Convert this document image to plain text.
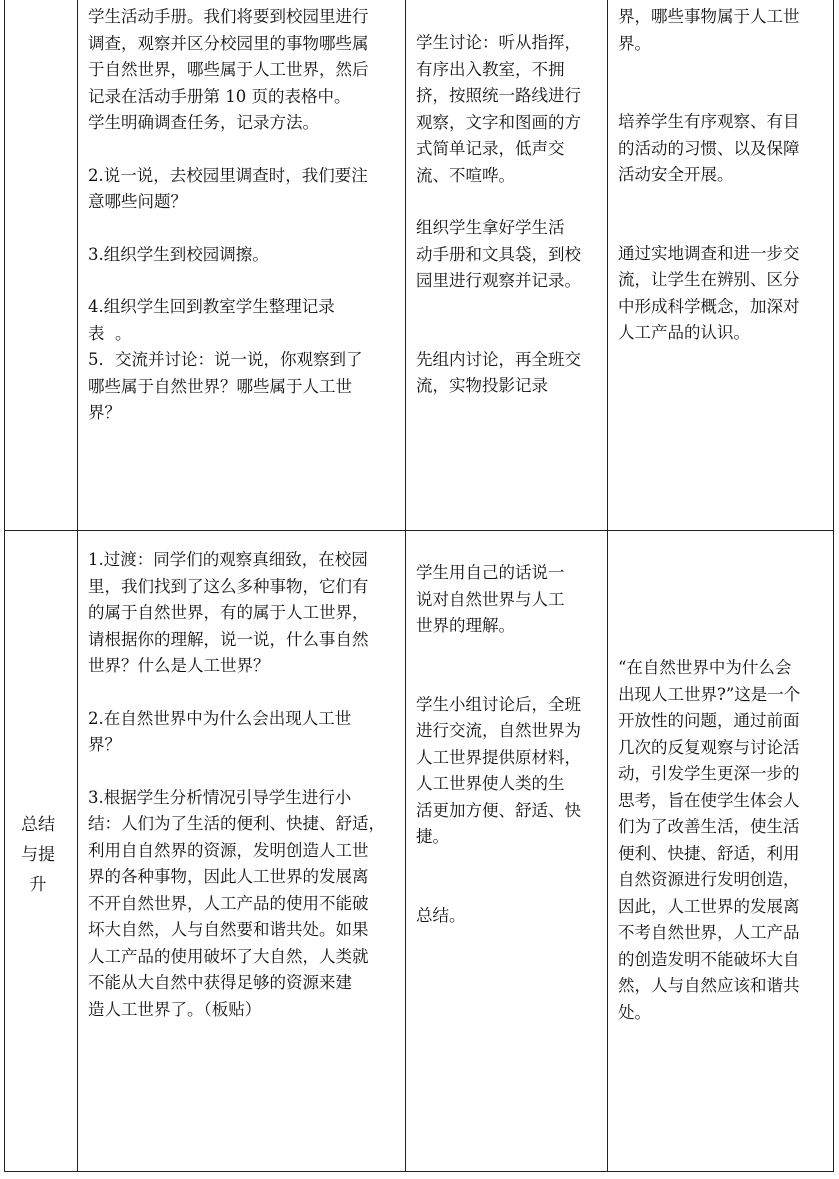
学生活动手册。我们将要到校园里进行

调查，观察并区分校园里的事物哪些属

于自然世界，哪些属于人工世界，然后

记录在活动手册第 10 页的表格中。

学生明确调查任务，记录方法。

2.说一说，去校园里调查时，我们要注

意哪些问题？

3.组织学生到校园调擦。

4.组织学生回到教室学生整理记录

表  。

5．交流并讨论：说一说，你观察到了

哪些属于自然世界？哪些属于人工世

界？

学生讨论：听从指挥，

有序出入教室，不拥

挤，按照统一路线进行

观察，文字和图画的方

式简单记录，低声交

流、不喧哗。

组织学生拿好学生活

动手册和文具袋，到校

园里进行观察并记录。

先组内讨论，再全班交

流，实物投影记录

界，哪些事物属于人工世

界。

培养学生有序观察、有目

的活动的习惯、以及保障

活动安全开展。

通过实地调查和进一步交

流，让学生在辨别、区分

中形成科学概念，加深对

人工产品的认识。

总结
与提
升

1.过渡：同学们的观察真细致，在校园

里，我们找到了这么多种事物，它们有

的属于自然世界，有的属于人工世界，

请根据你的理解，说一说，什么事自然

世界？什么是人工世界？

2.在自然世界中为什么会出现人工世

界？

3.根据学生分析情况引导学生进行小

结：人们为了生活的便利、快捷、舒适，

利用自自然界的资源，发明创造人工世

界的各种事物，因此人工世界的发展离

不开自然世界，人工产品的使用不能破

坏大自然，人与自然要和谐共处。如果

人工产品的使用破坏了大自然，人类就

不能从大自然中获得足够的资源来建

造人工世界了。（板贴）

学生用自己的话说一

说对自然世界与人工

世界的理解。

学生小组讨论后，全班

进行交流，自然世界为

人工世界提供原材料，

人工世界使人类的生

活更加方便、舒适、快

捷。

总结。

“在自然世界中为什么会

出现人工世界?”这是一个

开放性的问题，通过前面

几次的反复观察与讨论活

动，引发学生更深一步的

思考，旨在使学生体会人

们为了改善生活，使生活

便利、快捷、舒适，利用

自然资源进行发明创造，

因此，人工世界的发展离

不考自然世界，人工产品

的创造发明不能破坏大自

然，人与自然应该和谐共

处。
